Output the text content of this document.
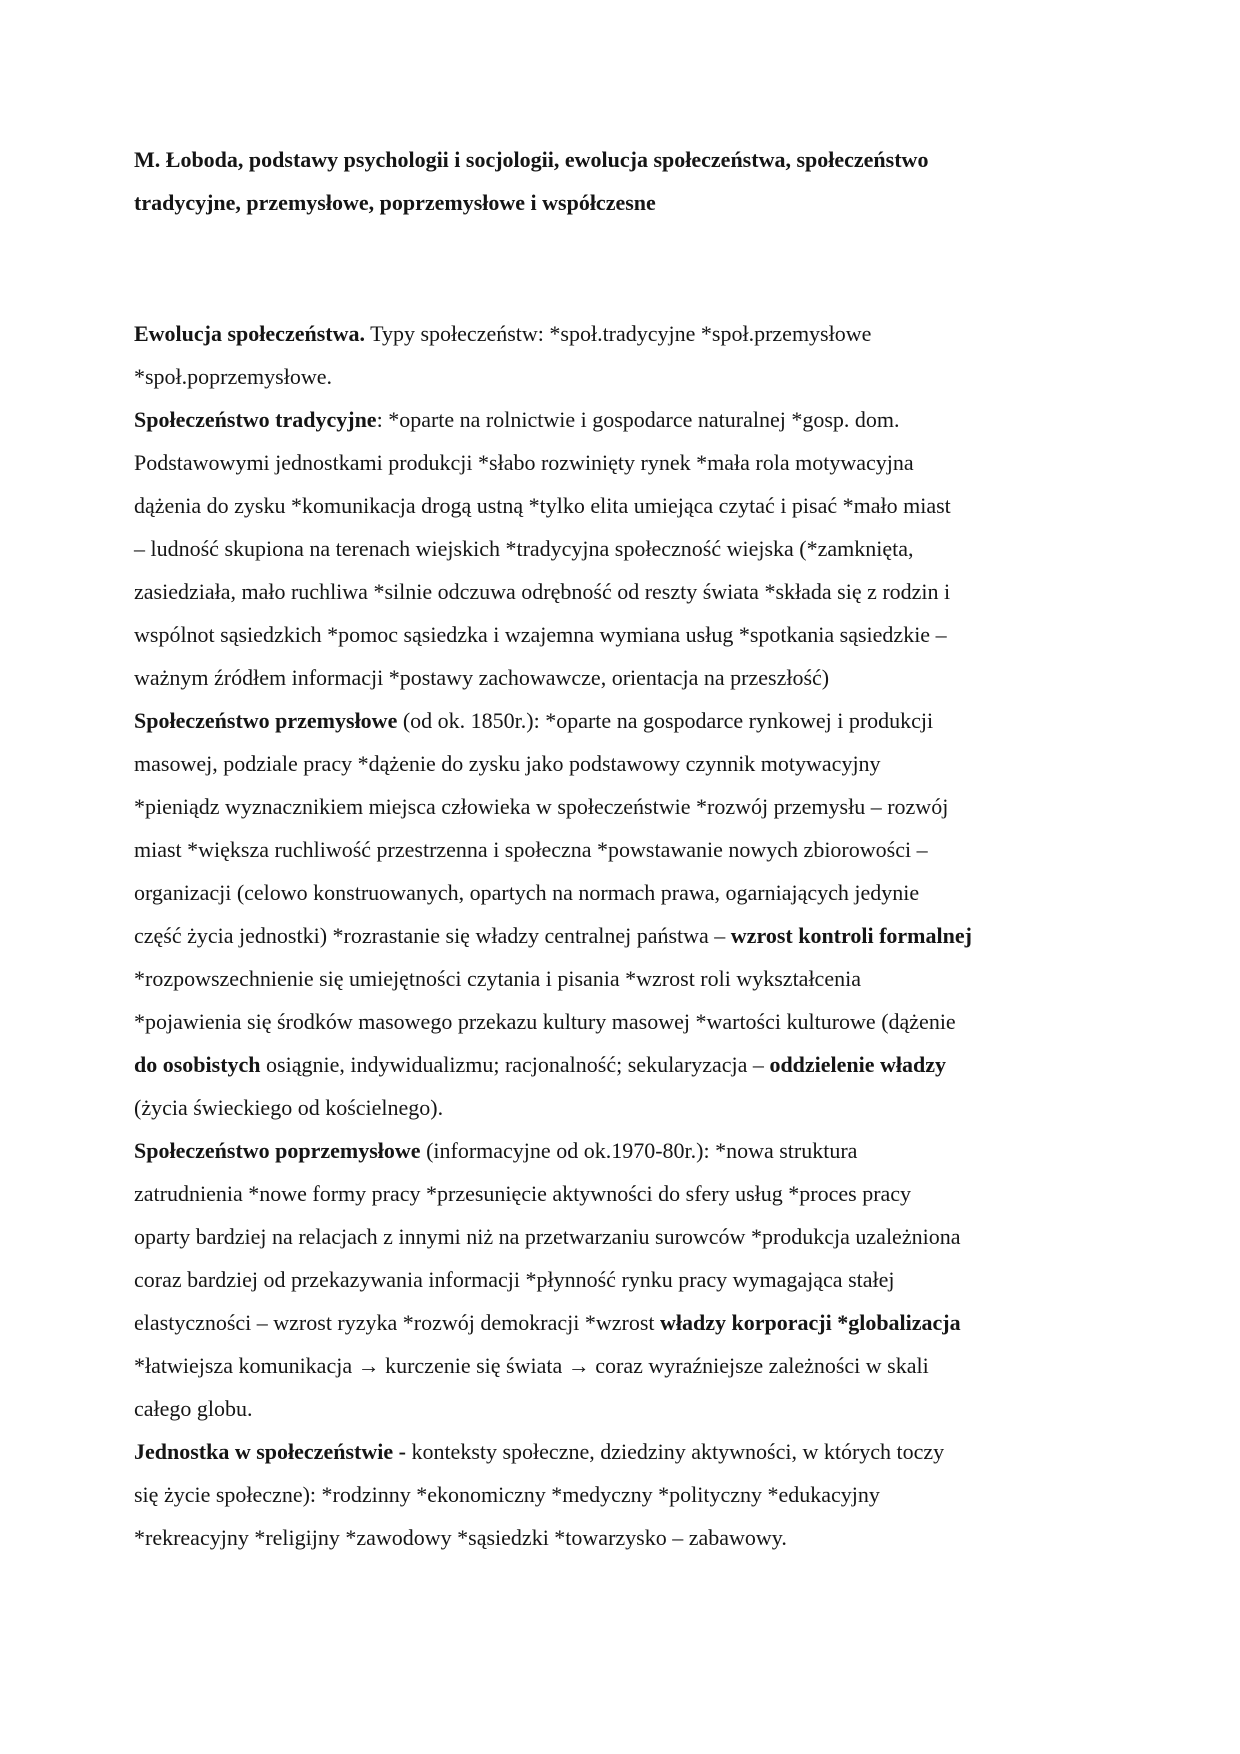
M. Łoboda, podstawy psychologii i socjologii, ewolucja społeczeństwa, społeczeństwo
tradycyjne, przemysłowe, poprzemysłowe i współczesne
Ewolucja społeczeństwa. Typy społeczeństw: *społ.tradycyjne *społ.przemysłowe
*społ.poprzemysłowe.
Społeczeństwo tradycyjne: *oparte na rolnictwie i gospodarce naturalnej *gosp. dom.
Podstawowymi jednostkami produkcji *słabo rozwinięty rynek *mała rola motywacyjna
dążenia do zysku *komunikacja drogą ustną *tylko elita umiejąca czytać i pisać *mało miast
– ludność skupiona na terenach wiejskich *tradycyjna społeczność wiejska (*zamknięta,
zasiedziała, mało ruchliwa *silnie odczuwa odrębność od reszty świata *składa się z rodzin i
wspólnot sąsiedzkich *pomoc sąsiedzka i wzajemna wymiana usług *spotkania sąsiedzkie –
ważnym źródłem informacji *postawy zachowawcze, orientacja na przeszłość)
Społeczeństwo przemysłowe (od ok. 1850r.): *oparte na gospodarce rynkowej i produkcji
masowej, podziale pracy *dążenie do zysku jako podstawowy czynnik motywacyjny
*pieniądz wyznacznikiem miejsca człowieka w społeczeństwie *rozwój przemysłu – rozwój
miast *większa ruchliwość przestrzenna i społeczna *powstawanie nowych zbiorowości –
organizacji (celowo konstruowanych, opartych na normach prawa, ogarniających jedynie
część życia jednostki) *rozrastanie się władzy centralnej państwa – wzrost kontroli formalnej
*rozpowszechnienie się umiejętności czytania i pisania *wzrost roli wykształcenia
*pojawienia się środków masowego przekazu kultury masowej *wartości kulturowe (dążenie
do osobistych osiągnie, indywidualizmu; racjonalność; sekularyzacja – oddzielenie władzy
(życia świeckiego od kościelnego).
Społeczeństwo poprzemysłowe (informacyjne od ok.1970-80r.): *nowa struktura
zatrudnienia *nowe formy pracy *przesunięcie aktywności do sfery usług *proces pracy
oparty bardziej na relacjach z innymi niż na przetwarzaniu surowców *produkcja uzależniona
coraz bardziej od przekazywania informacji *płynność rynku pracy wymagająca stałej
elastyczności – wzrost ryzyka *rozwój demokracji *wzrost władzy korporacji *globalizacja
*łatwiejsza komunikacja → kurczenie się świata → coraz wyraźniejsze zależności w skali
całego globu.
Jednostka w społeczeństwie - konteksty społeczne, dziedziny aktywności, w których toczy
się życie społeczne): *rodzinny *ekonomiczny *medyczny *polityczny *edukacyjny
*rekreacyjny *religijny *zawodowy *sąsiedzki *towarzysko – zabawowy.
